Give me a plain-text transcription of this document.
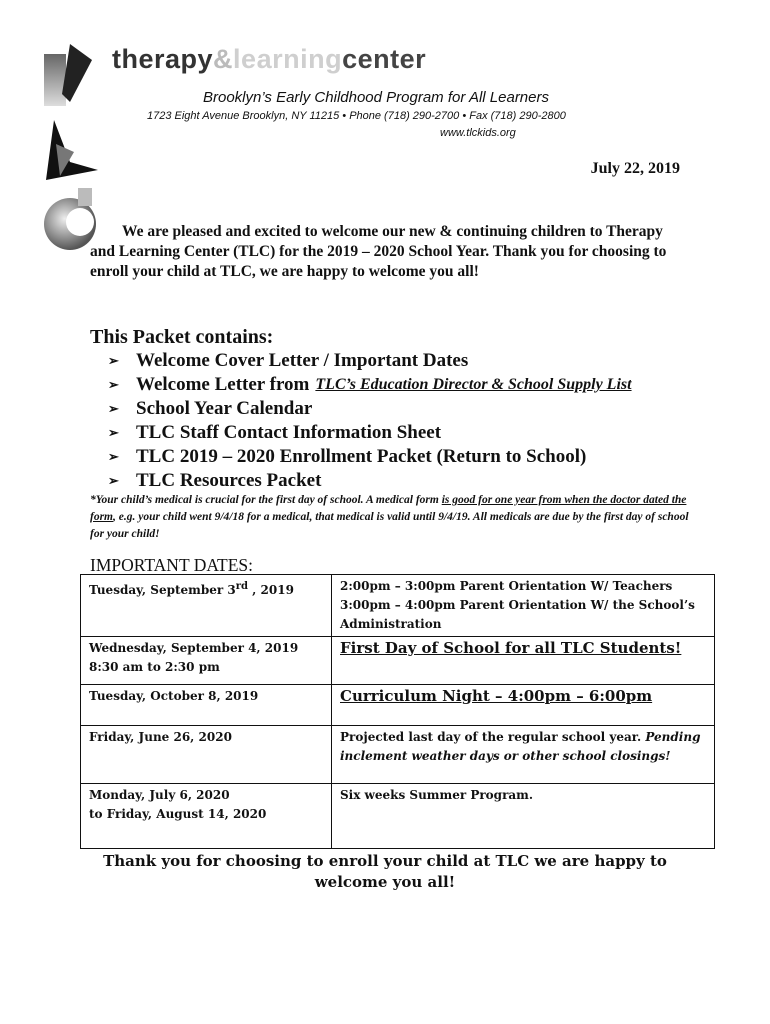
therapy&learningcenter
Brooklyn’s Early Childhood Program for All Learners
1723 Eight Avenue Brooklyn, NY 11215 • Phone (718) 290-2700 • Fax (718) 290-2800
www.tlckids.org
July 22, 2019
We are pleased and excited to welcome our new & continuing children to Therapy and Learning Center (TLC) for the 2019 – 2020 School Year. Thank you for choosing to enroll your child at TLC, we are happy to welcome you all!
This Packet contains:
➢ Welcome Cover Letter / Important Dates
➢ Welcome Letter from TLC’s Education Director & School Supply List
➢ School Year Calendar
➢ TLC Staff Contact Information Sheet
➢ TLC 2019 – 2020 Enrollment Packet (Return to School)
➢ TLC Resources Packet
*Your child’s medical is crucial for the first day of school. A medical form is good for one year from when the doctor dated the form, e.g. your child went 9/4/18 for a medical, that medical is valid until 9/4/19. All medicals are due by the first day of school for your child!
IMPORTANT DATES:
Tuesday, September 3rd , 2019	2:00pm – 3:00pm Parent Orientation W/ Teachers
3:00pm – 4:00pm Parent Orientation W/ the School’s Administration

Wednesday, September 4, 2019
8:30 am to 2:30 pm	First Day of School for all TLC Students!
Tuesday, October 8, 2019	Curriculum Night – 4:00pm – 6:00pm
Friday, June 26, 2020	Projected last day of the regular school year. Pending inclement weather days or other school closings!

Monday, July 6, 2020
to Friday, August 14, 2020	Six weeks Summer Program.
Thank you for choosing to enroll your child at TLC we are happy to welcome you all!
